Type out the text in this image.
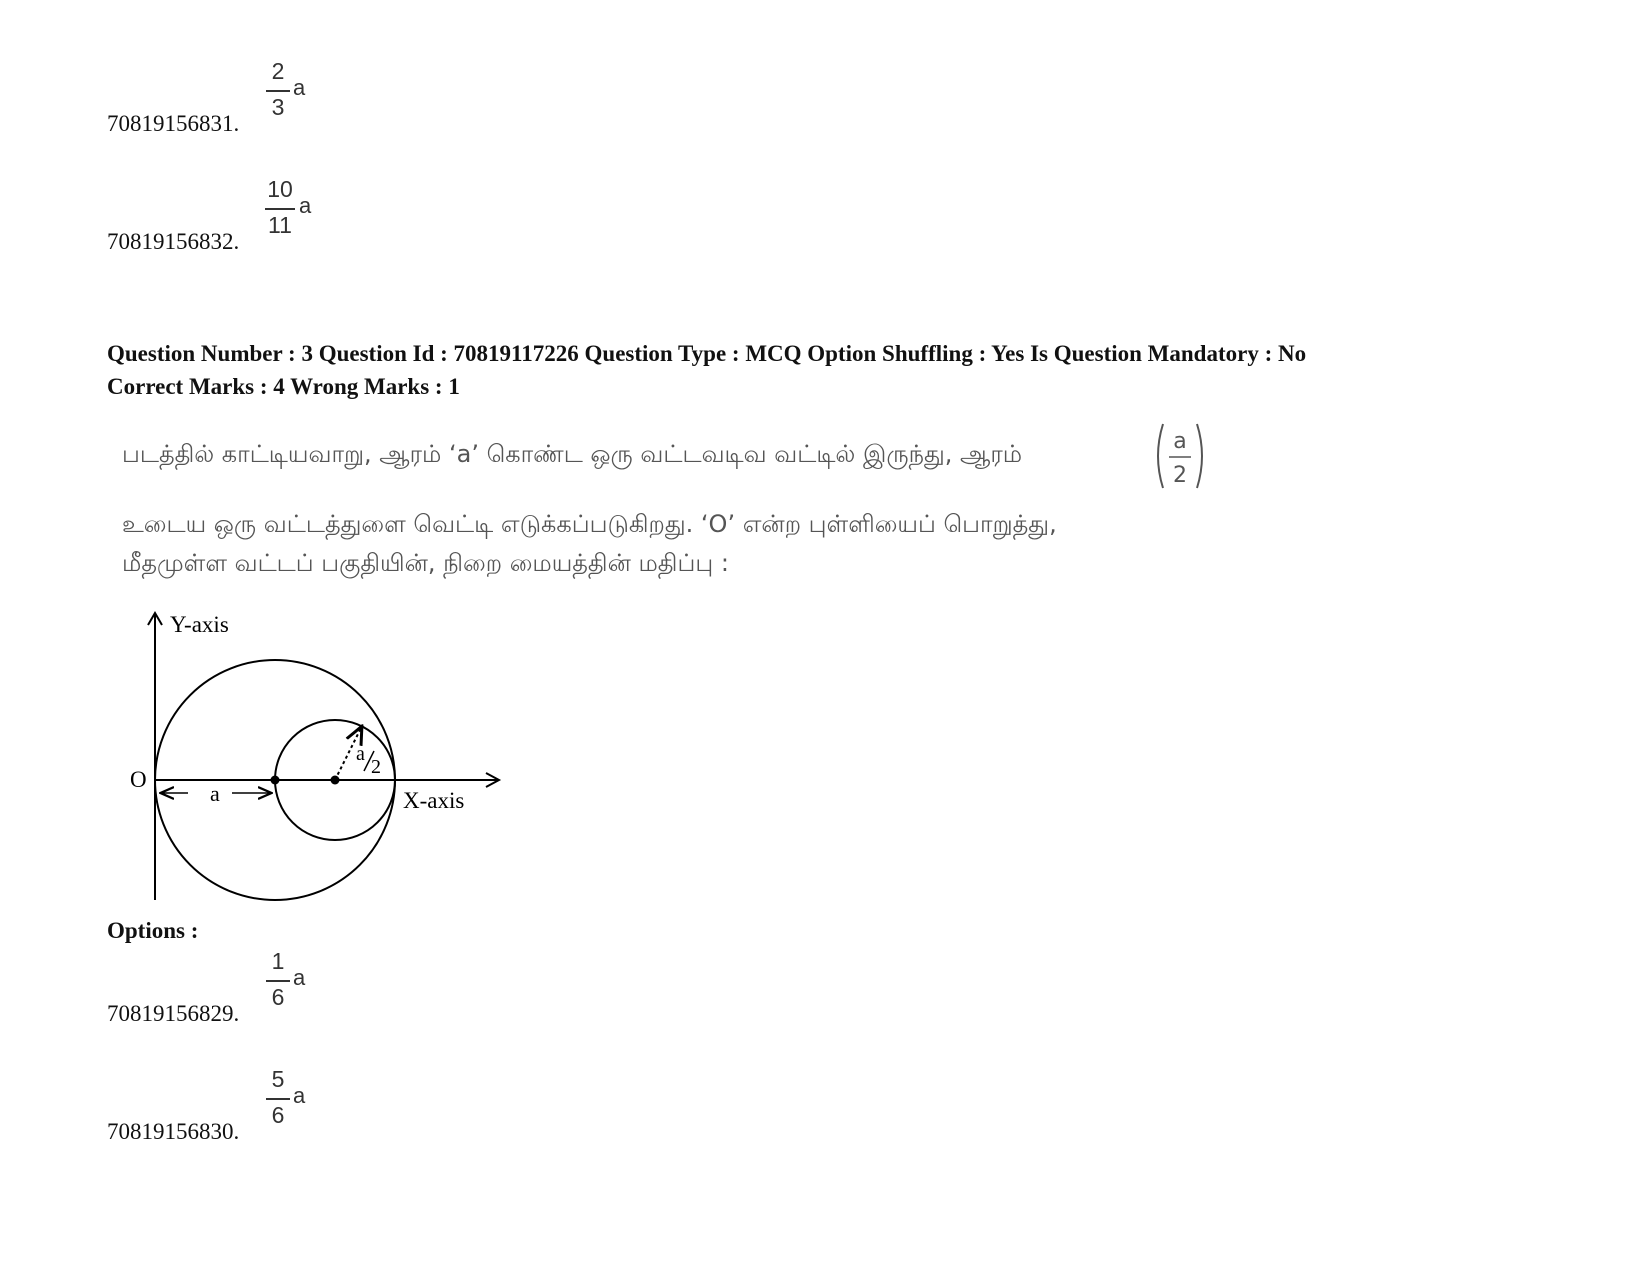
2
3
a
70819156831.
10
11
a
70819156832.
Question Number : 3 Question Id : 70819117226 Question Type : MCQ Option Shuffling : Yes Is Question Mandatory : No
Correct Marks : 4 Wrong Marks : 1
படத்தில் காட்டியவாறு, ஆரம் ‘a’ கொண்ட ஒரு வட்டவடிவ வட்டில் இருந்து, ஆரம்	a
2
உடைய ஒரு வட்டத்துளை வெட்டி எடுக்கப்படுகிறது. ‘O’ என்ற புள்ளியைப் பொறுத்து,
மீதமுள்ள வட்டப் பகுதியின், நிறை மையத்தின் மதிப்பு :
Y-axis
X-axis
O
a
a
2
Options :
1
6
a
70819156829.
5
6
a
70819156830.
